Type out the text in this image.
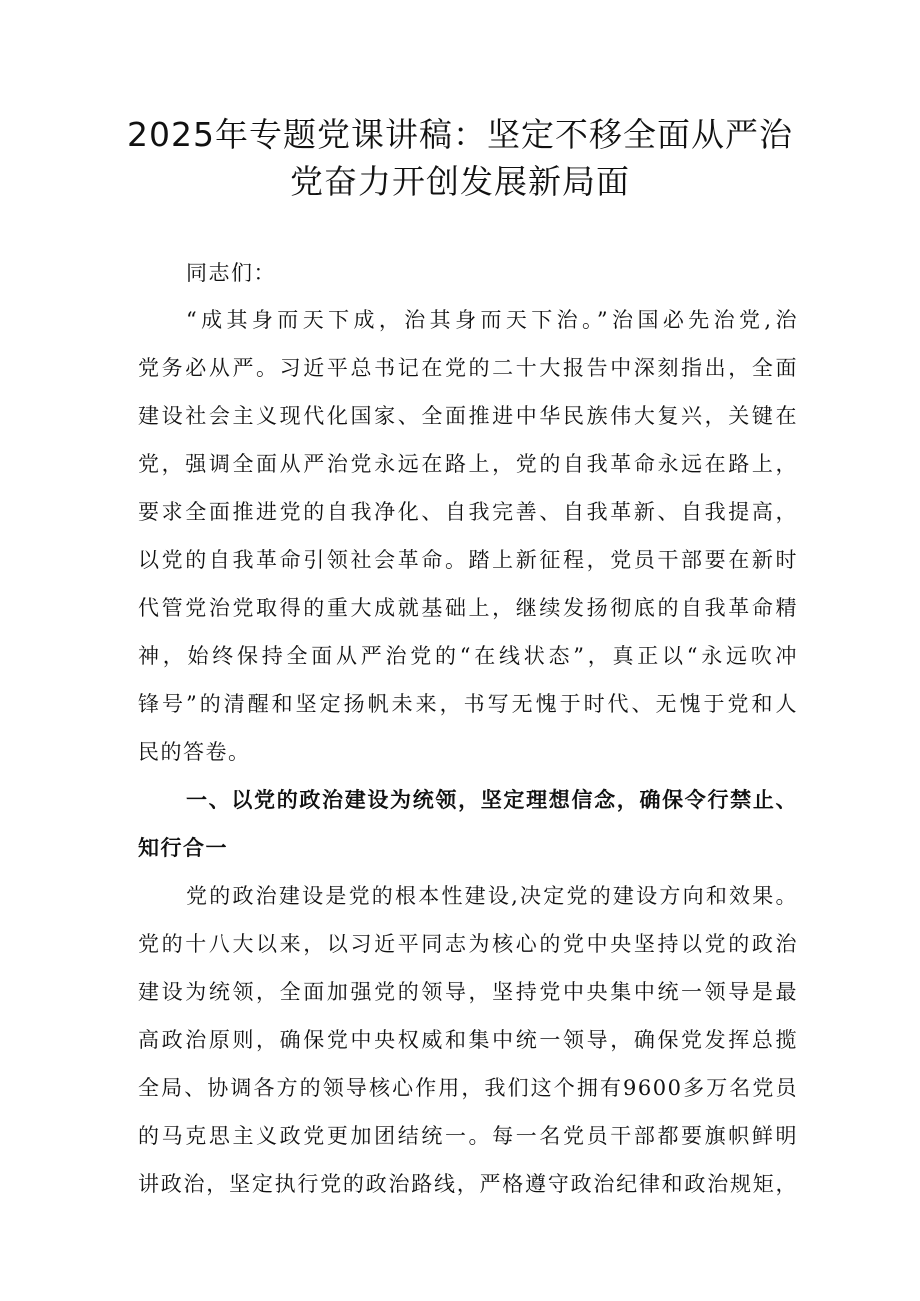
2025年专题党课讲稿：坚定不移全面从严治
党奋力开创发展新局面
同志们：
“成其身而天下成，治其身而天下治。”治国必先治党,治
党务必从严。习近平总书记在党的二十大报告中深刻指出，全面
建设社会主义现代化国家、全面推进中华民族伟大复兴，关键在
党，强调全面从严治党永远在路上，党的自我革命永远在路上，
要求全面推进党的自我净化、自我完善、自我革新、自我提高，
以党的自我革命引领社会革命。踏上新征程，党员干部要在新时
代管党治党取得的重大成就基础上，继续发扬彻底的自我革命精
神，始终保持全面从严治党的“在线状态”，真正以“永远吹冲
锋号”的清醒和坚定扬帆未来，书写无愧于时代、无愧于党和人
民的答卷。
一、以党的政治建设为统领，坚定理想信念，确保令行禁止、
知行合一
党的政治建设是党的根本性建设,决定党的建设方向和效果。
党的十八大以来，以习近平同志为核心的党中央坚持以党的政治
建设为统领，全面加强党的领导，坚持党中央集中统一领导是最
高政治原则，确保党中央权威和集中统一领导，确保党发挥总揽
全局、协调各方的领导核心作用，我们这个拥有9600多万名党员
的马克思主义政党更加团结统一。每一名党员干部都要旗帜鲜明
讲政治，坚定执行党的政治路线，严格遵守政治纪律和政治规矩，
